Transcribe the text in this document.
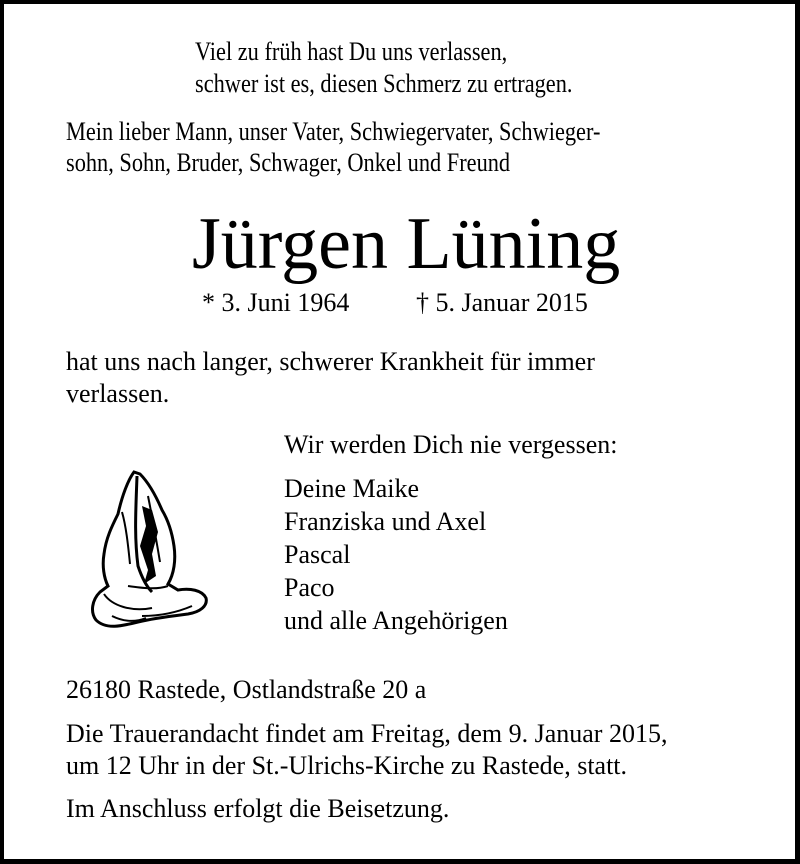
Viel zu früh hast Du uns verlassen,
schwer ist es, diesen Schmerz zu ertragen.
Mein lieber Mann, unser Vater, Schwiegervater, Schwieger-
sohn, Sohn, Bruder, Schwager, Onkel und Freund
Jürgen Lüning
* 3. Juni 1964	† 5. Januar 2015
hat uns nach langer, schwerer Krankheit für immer
verlassen.
Wir werden Dich nie vergessen:
Deine Maike
Franziska und Axel
Pascal
Paco
und alle Angehörigen
26180 Rastede, Ostlandstraße 20 a
Die Trauerandacht findet am Freitag, dem 9. Januar 2015,
um 12 Uhr in der St.-Ulrichs-Kirche zu Rastede, statt.
Im Anschluss erfolgt die Beisetzung.
